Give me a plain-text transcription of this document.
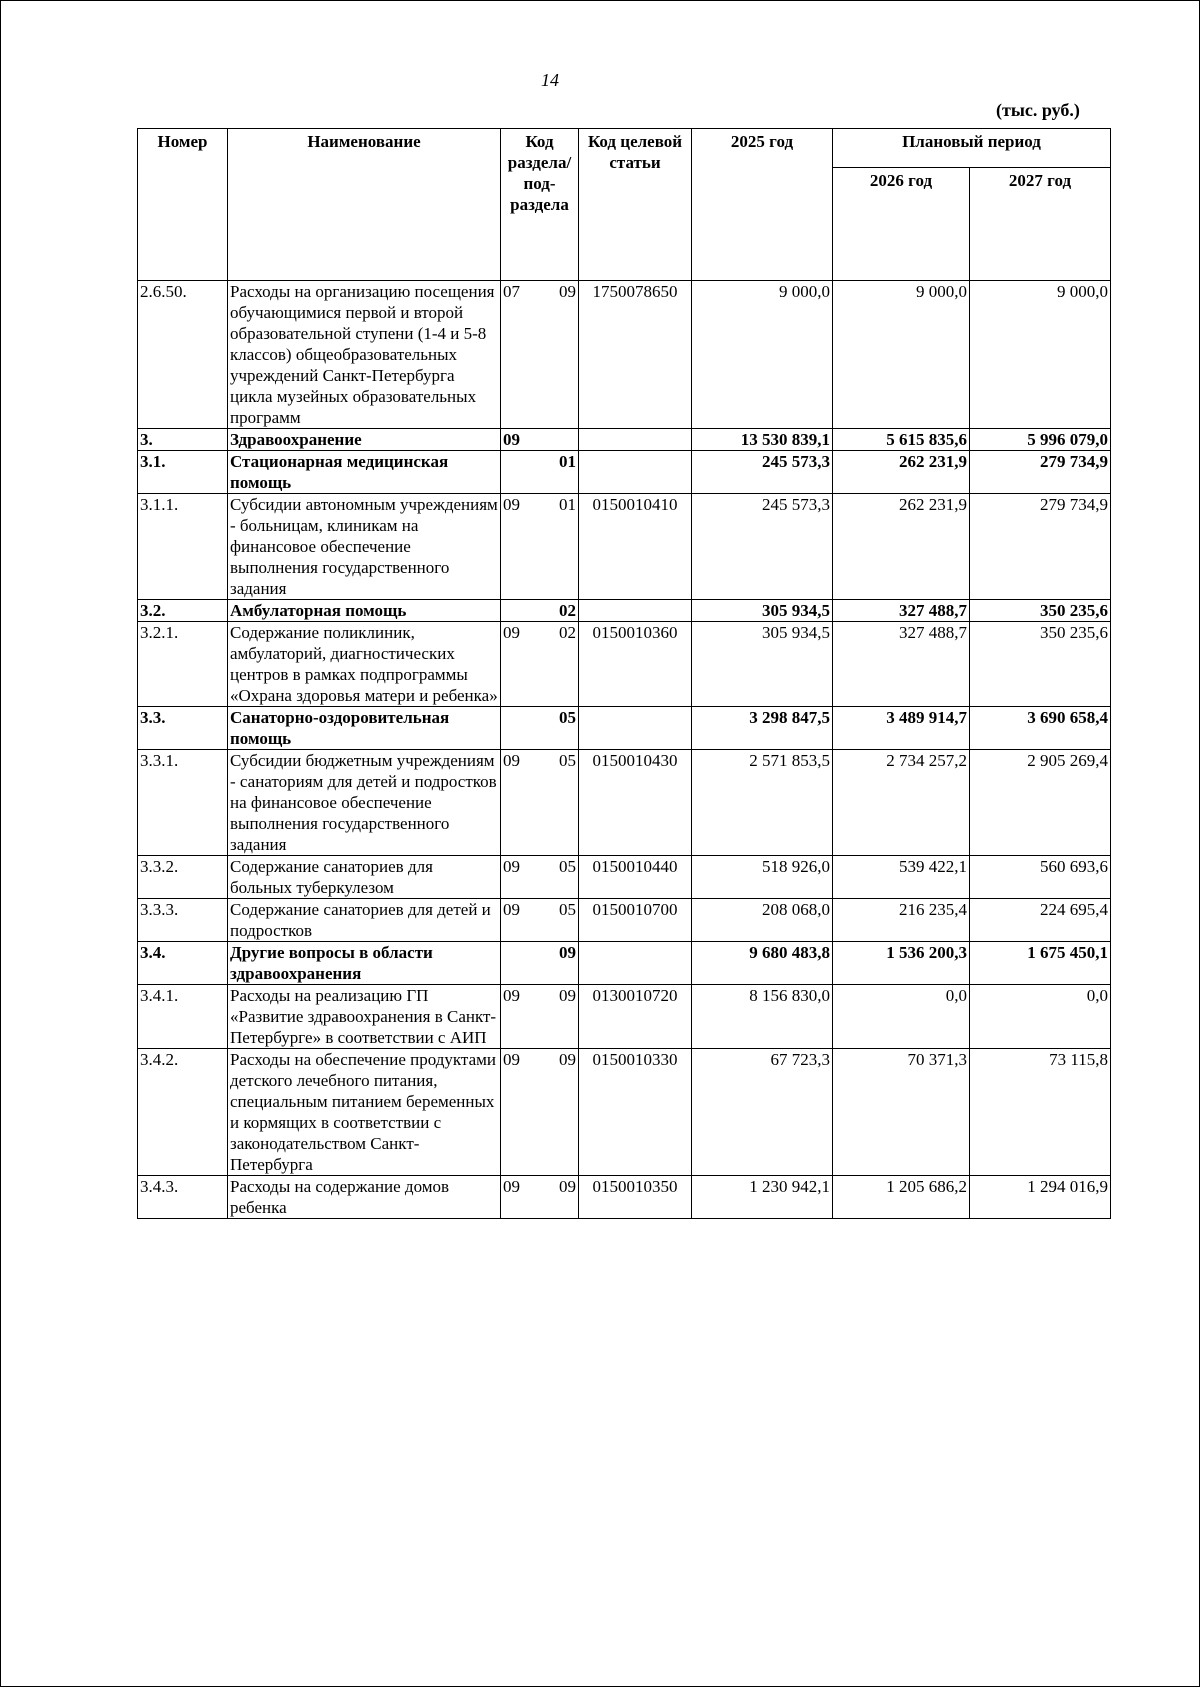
14
(тыс. руб.)
Номер	Наименование	Код раздела/ под-раздела	Код целевой статьи	2025 год	Плановый период	
					2026 год	2027 год
2.6.50.	Расходы на организацию посещения обучающимися первой и второй образовательной ступени (1-4 и 5-8 классов) общеобразовательных учреждений Санкт-Петербурга цикла музейных образовательных программ	07 09	1750078650	9 000,0	9 000,0	9 000,0
3.	Здравоохранение	09		13 530 839,1	5 615 835,6	5 996 079,0
3.1.	Стационарная медицинская помощь	01		245 573,3	262 231,9	279 734,9
3.1.1.	Субсидии автономным учреждениям - больницам, клиникам на финансовое обеспечение выполнения государственного задания	09 01	0150010410	245 573,3	262 231,9	279 734,9
3.2.	Амбулаторная помощь	02		305 934,5	327 488,7	350 235,6
3.2.1.	Содержание поликлиник, амбулаторий, диагностических центров в рамках подпрограммы «Охрана здоровья матери и ребенка»	09 02	0150010360	305 934,5	327 488,7	350 235,6
3.3.	Санаторно-оздоровительная помощь	05		3 298 847,5	3 489 914,7	3 690 658,4
3.3.1.	Субсидии бюджетным учреждениям - санаториям для детей и подростков на финансовое обеспечение выполнения государственного задания	09 05	0150010430	2 571 853,5	2 734 257,2	2 905 269,4
3.3.2.	Содержание санаториев для больных туберкулезом	09 05	0150010440	518 926,0	539 422,1	560 693,6
3.3.3.	Содержание санаториев для детей и подростков	09 05	0150010700	208 068,0	216 235,4	224 695,4
3.4.	Другие вопросы в области здравоохранения	09		9 680 483,8	1 536 200,3	1 675 450,1
3.4.1.	Расходы на реализацию ГП «Развитие здравоохранения в Санкт-Петербурге» в соответствии с АИП	09 09	0130010720	8 156 830,0	0,0	0,0
3.4.2.	Расходы на обеспечение продуктами детского лечебного питания, специальным питанием беременных и кормящих в соответствии с законодательством Санкт-Петербурга	09 09	0150010330	67 723,3	70 371,3	73 115,8
3.4.3.	Расходы на содержание домов ребенка	09 09	0150010350	1 230 942,1	1 205 686,2	1 294 016,9
